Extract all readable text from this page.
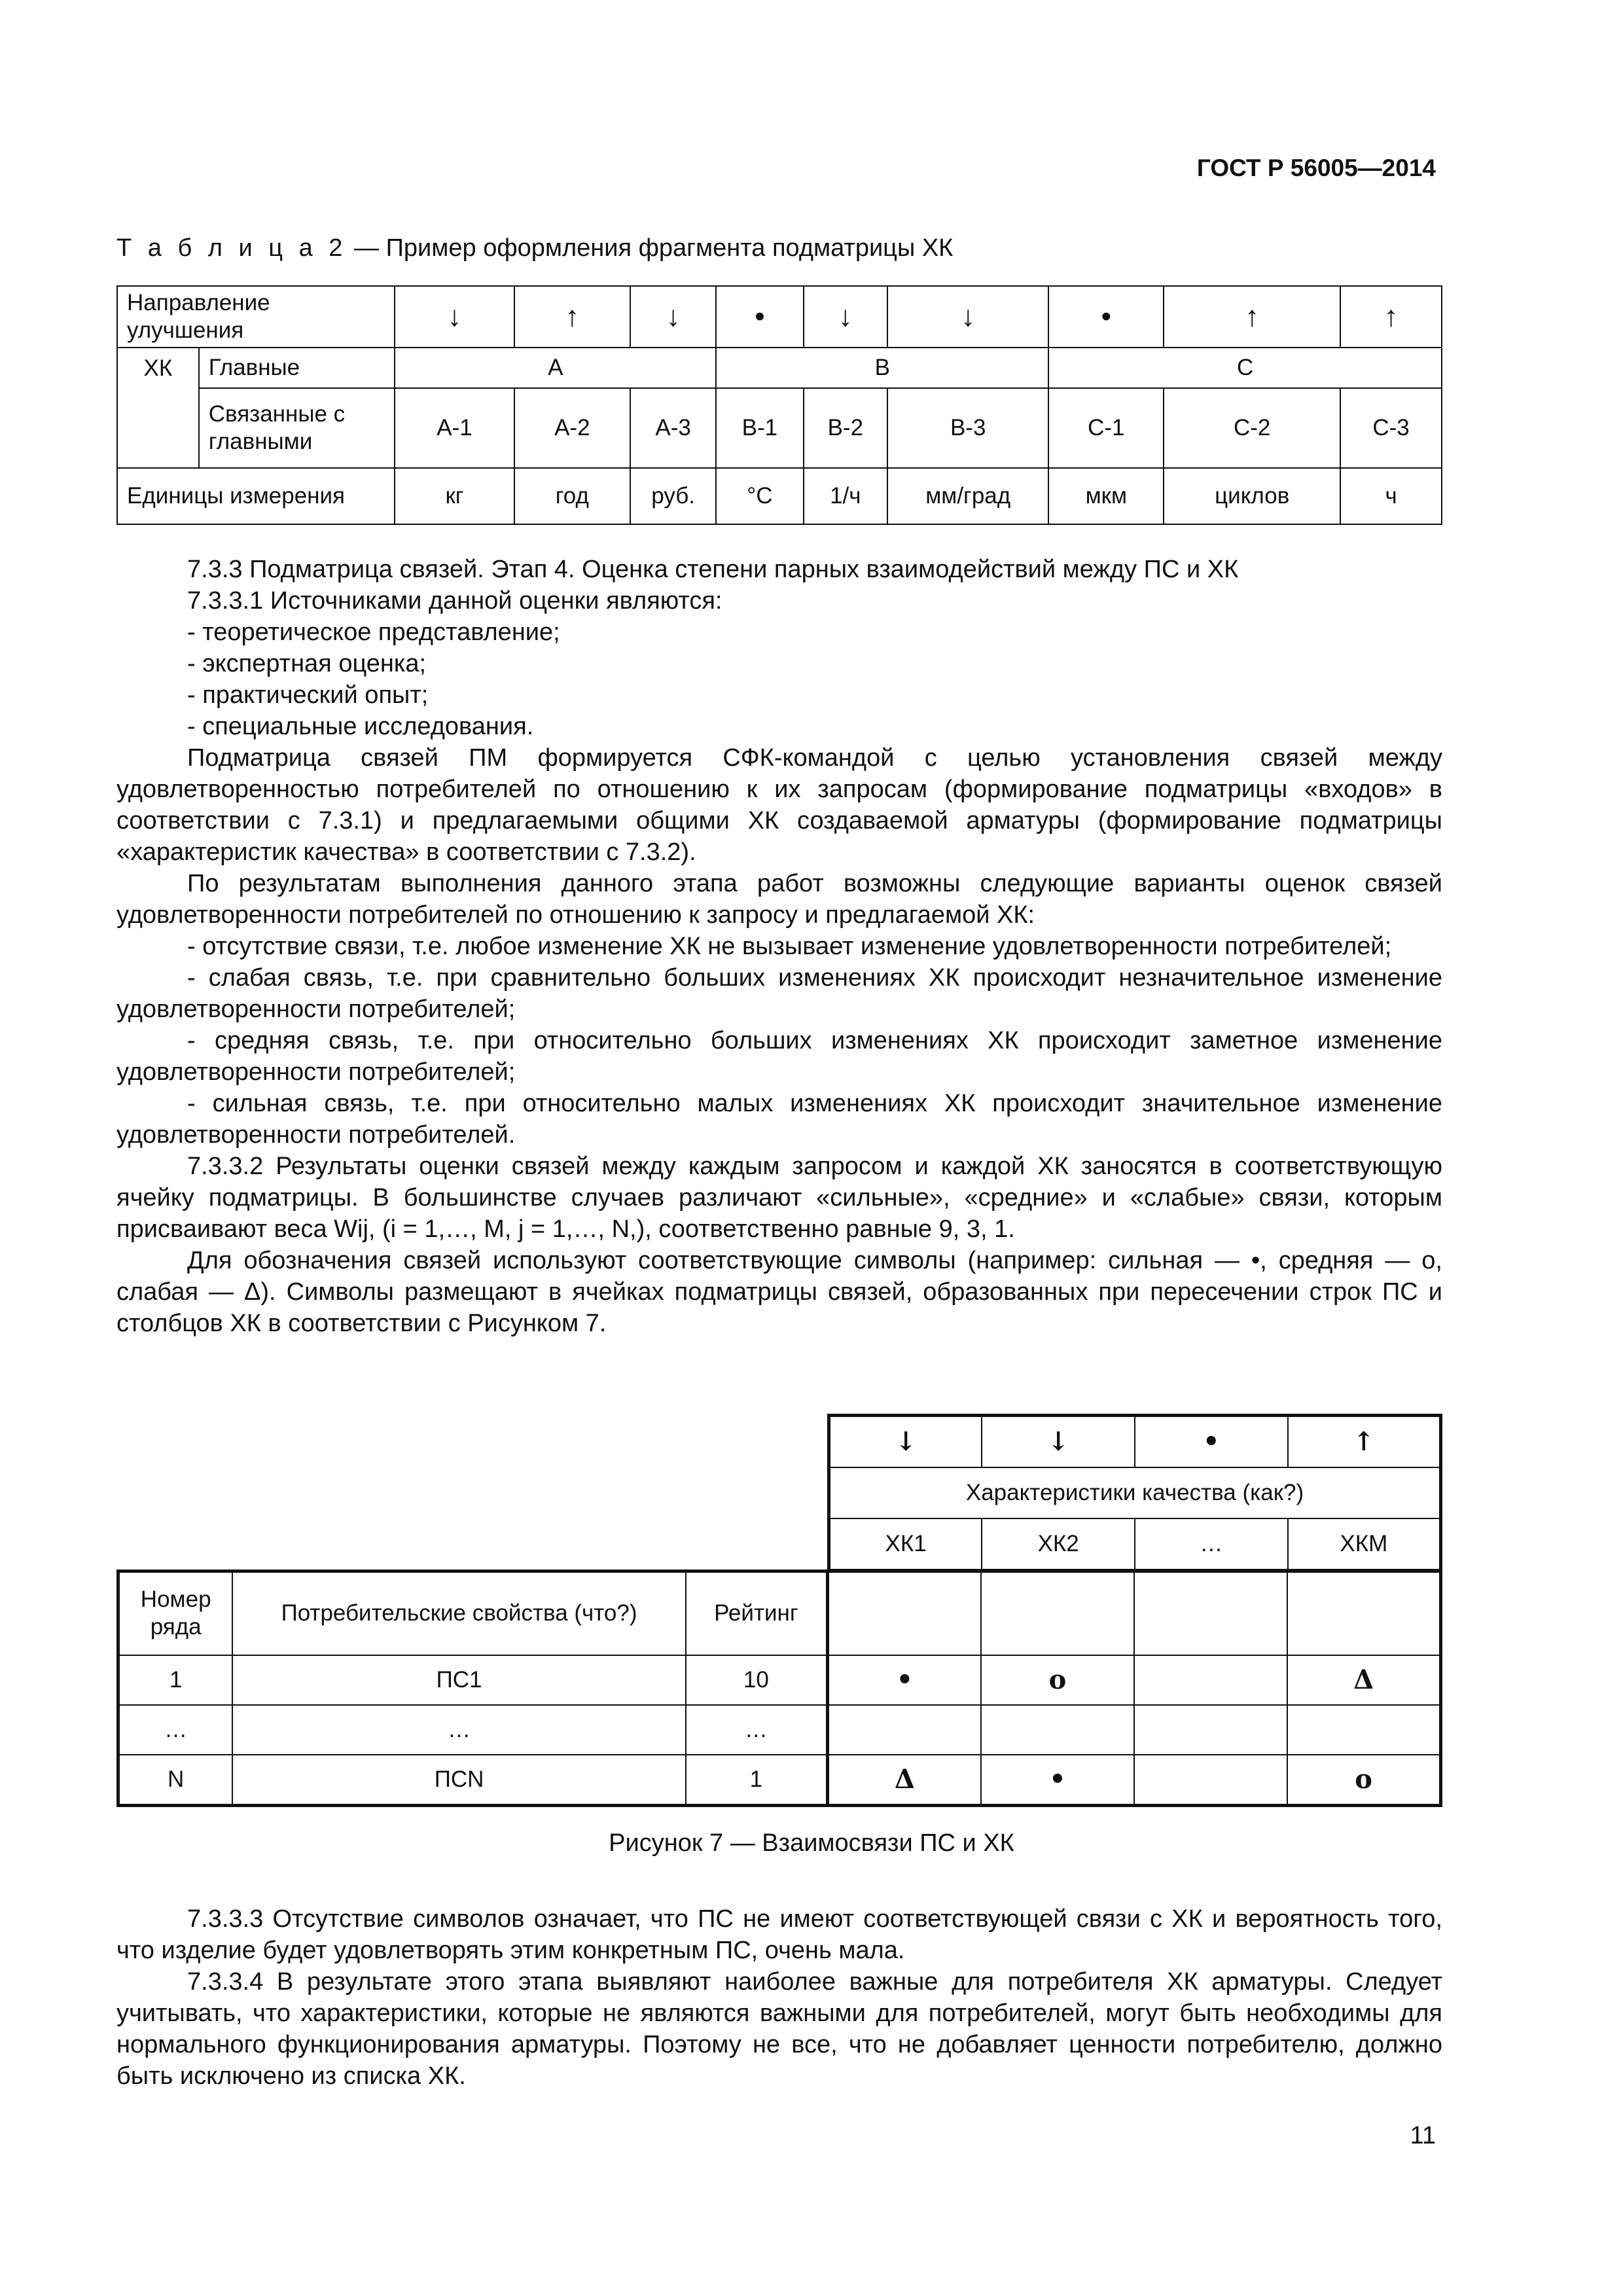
ГОСТ Р 56005—2014
Т а б л и ц а 2 — Пример оформления фрагмента подматрицы ХК
Направление улучшения		↓	↑	↓	•	↓	↓	•	↑	↑
ХК	Главные	A			B			C		
	Связанные с главными	A-1	A-2	A-3	B-1	B-2	B-3	C-1	C-2	C-3
Единицы измерения		кг	год	руб.	°С	1/ч	мм/град	мкм	циклов	ч

7.3.3 Подматрица связей. Этап 4. Оценка степени парных взаимодействий между ПС и ХК

7.3.3.1 Источниками данной оценки являются:

- теоретическое представление;

- экспертная оценка;

- практический опыт;

- специальные исследования.

Подматрица связей ПМ формируется СФК-командой с целью установления связей между удовлетворенностью потребителей по отношению к их запросам (формирование подматрицы «входов» в соответствии с 7.3.1) и предлагаемыми общими ХК создаваемой арматуры (формирование подматрицы «характеристик качества» в соответствии с 7.3.2).

По результатам выполнения данного этапа работ возможны следующие варианты оценок связей удовлетворенности потребителей по отношению к запросу и предлагаемой ХК:

- отсутствие связи, т.е. любое изменение ХК не вызывает изменение удовлетворенности потребителей;

- слабая связь, т.е. при сравнительно больших изменениях ХК происходит незначительное изменение удовлетворенности потребителей;

- средняя связь, т.е. при относительно больших изменениях ХК происходит заметное изменение удовлетворенности потребителей;

- сильная связь, т.е. при относительно малых изменениях ХК происходит значительное изменение удовлетворенности потребителей.

7.3.3.2 Результаты оценки связей между каждым запросом и каждой ХК заносятся в соответствующую ячейку подматрицы. В большинстве случаев различают «сильные», «средние» и «слабые» связи, которым присваивают веса Wij, (i = 1,…, M, j = 1,…, N,), соответственно равные 9, 3, 1.

Для обозначения связей используют соответствующие символы (например: сильная — •, средняя — o, слабая — Δ). Символы размещают в ячейках подматрицы связей, образованных при пересечении строк ПС и столбцов ХК в соответствии с Рисунком 7.

↓	↓	•	↑
Характеристики качества (как?)			
ХК1	ХК2	…	ХКM
Номер ряда	Потребительские свойства (что?)	Рейтинг				
1	ПС1	10	•	o		Δ
…	…	…				
N	ПСN	1	Δ	•		o
Рисунок 7 — Взаимосвязи ПС и ХК

7.3.3.3 Отсутствие символов означает, что ПС не имеют соответствующей связи с ХК и вероятность того, что изделие будет удовлетворять этим конкретным ПС, очень мала.

7.3.3.4 В результате этого этапа выявляют наиболее важные для потребителя ХК арматуры. Следует учитывать, что характеристики, которые не являются важными для потребителей, могут быть необходимы для нормального функционирования арматуры. Поэтому не все, что не добавляет ценности потребителю, должно быть исключено из списка ХК.

11
